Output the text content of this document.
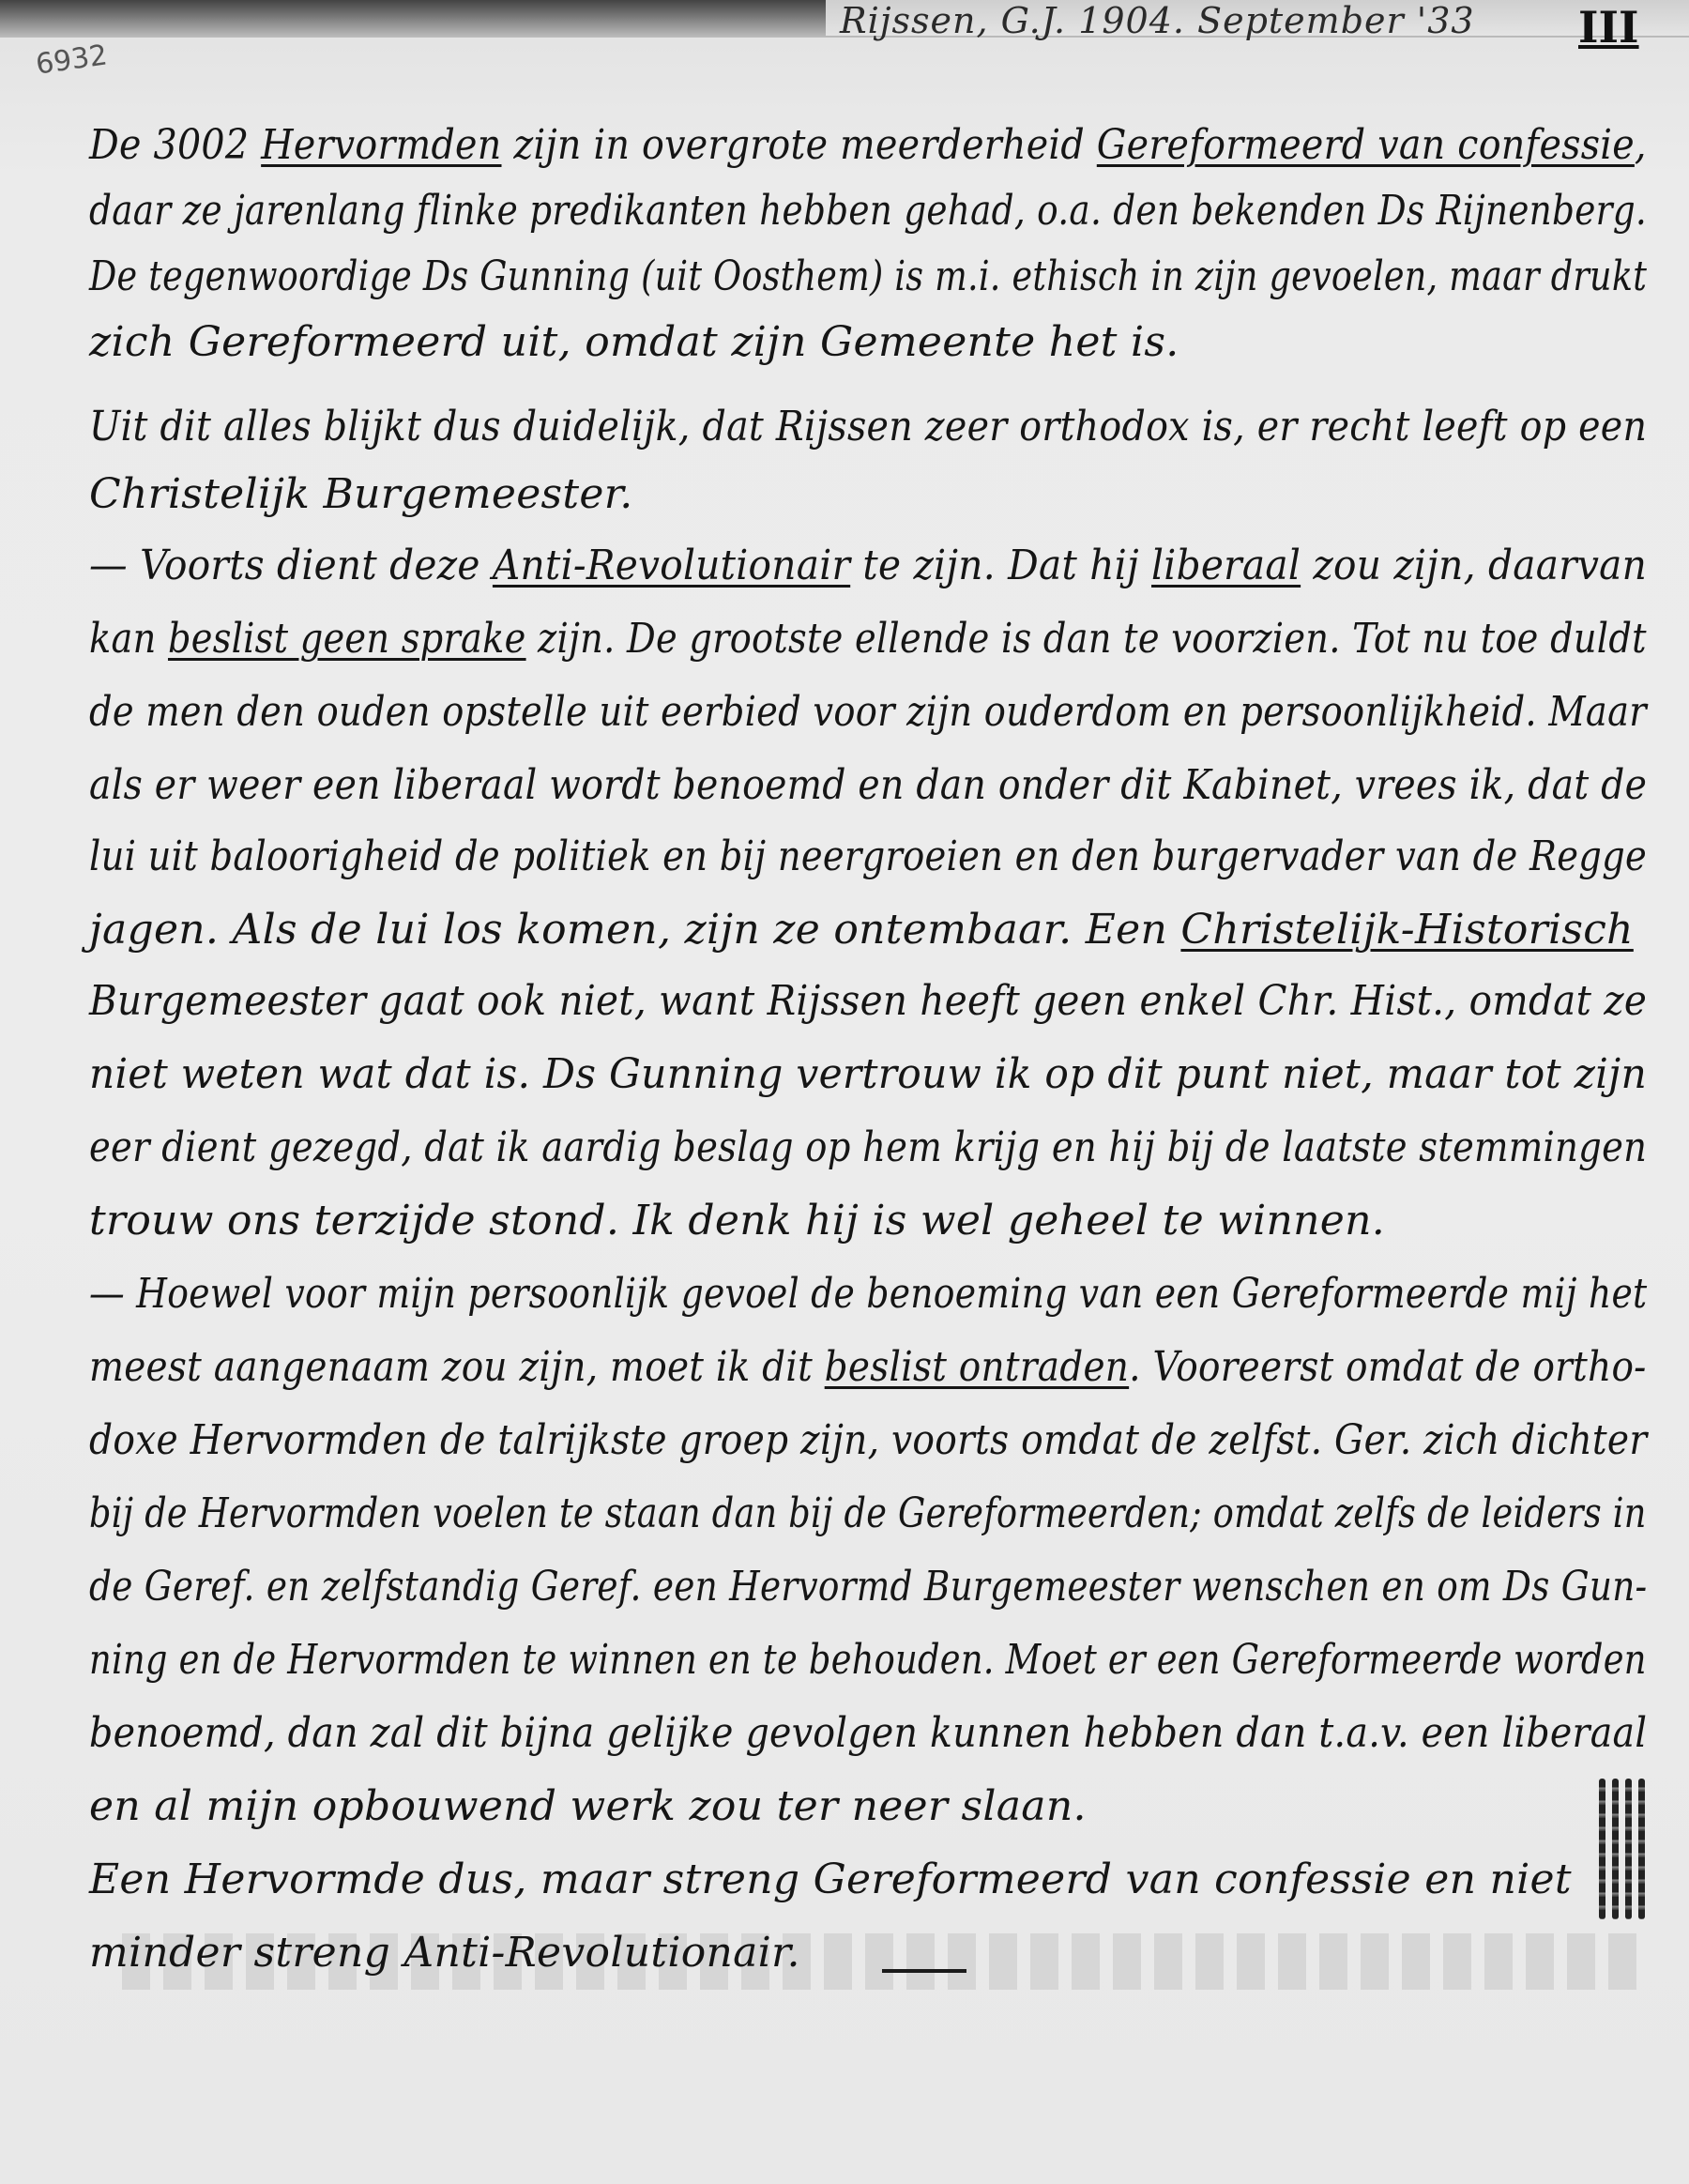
Rijssen, G.J. 1904. September '33 III
6932
De 3002 Hervormden zijn in overgrote meerderheid Gereformeerd van confessie,
daar ze jarenlang flinke predikanten hebben gehad, o.a. den bekenden Ds Rijnenberg.
De tegenwoordige Ds Gunning (uit Oosthem) is m.i. ethisch in zijn gevoelen, maar drukt
zich Gereformeerd uit, omdat zijn Gemeente het is.
Uit dit alles blijkt dus duidelijk, dat Rijssen zeer orthodox is, er recht leeft op een
Christelijk Burgemeester.
— Voorts dient deze Anti-Revolutionair te zijn. Dat hij liberaal zou zijn, daarvan
kan beslist geen sprake zijn. De grootste ellende is dan te voorzien. Tot nu toe duldt
de men den ouden opstelle uit eerbied voor zijn ouderdom en persoonlijkheid. Maar
als er weer een liberaal wordt benoemd en dan onder dit Kabinet, vrees ik, dat de
lui uit baloorigheid de politiek en bij neergroeien en den burgervader van de Regge
jagen. Als de lui los komen, zijn ze ontembaar. Een Christelijk-Historisch
Burgemeester gaat ook niet, want Rijssen heeft geen enkel Chr. Hist., omdat ze
niet weten wat dat is. Ds Gunning vertrouw ik op dit punt niet, maar tot zijn
eer dient gezegd, dat ik aardig beslag op hem krijg en hij bij de laatste stemmingen
trouw ons terzijde stond. Ik denk hij is wel geheel te winnen.
— Hoewel voor mijn persoonlijk gevoel de benoeming van een Gereformeerde mij het
meest aangenaam zou zijn, moet ik dit beslist ontraden. Vooreerst omdat de ortho-
doxe Hervormden de talrijkste groep zijn, voorts omdat de zelfst. Ger. zich dichter
bij de Hervormden voelen te staan dan bij de Gereformeerden; omdat zelfs de leiders in
de Geref. en zelfstandig Geref. een Hervormd Burgemeester wenschen en om Ds Gun-
ning en de Hervormden te winnen en te behouden. Moet er een Gereformeerde worden
benoemd, dan zal dit bijna gelijke gevolgen kunnen hebben dan t.a.v. een liberaal
en al mijn opbouwend werk zou ter neer slaan.
Een Hervormde dus, maar streng Gereformeerd van confessie en niet
minder streng Anti-Revolutionair.
